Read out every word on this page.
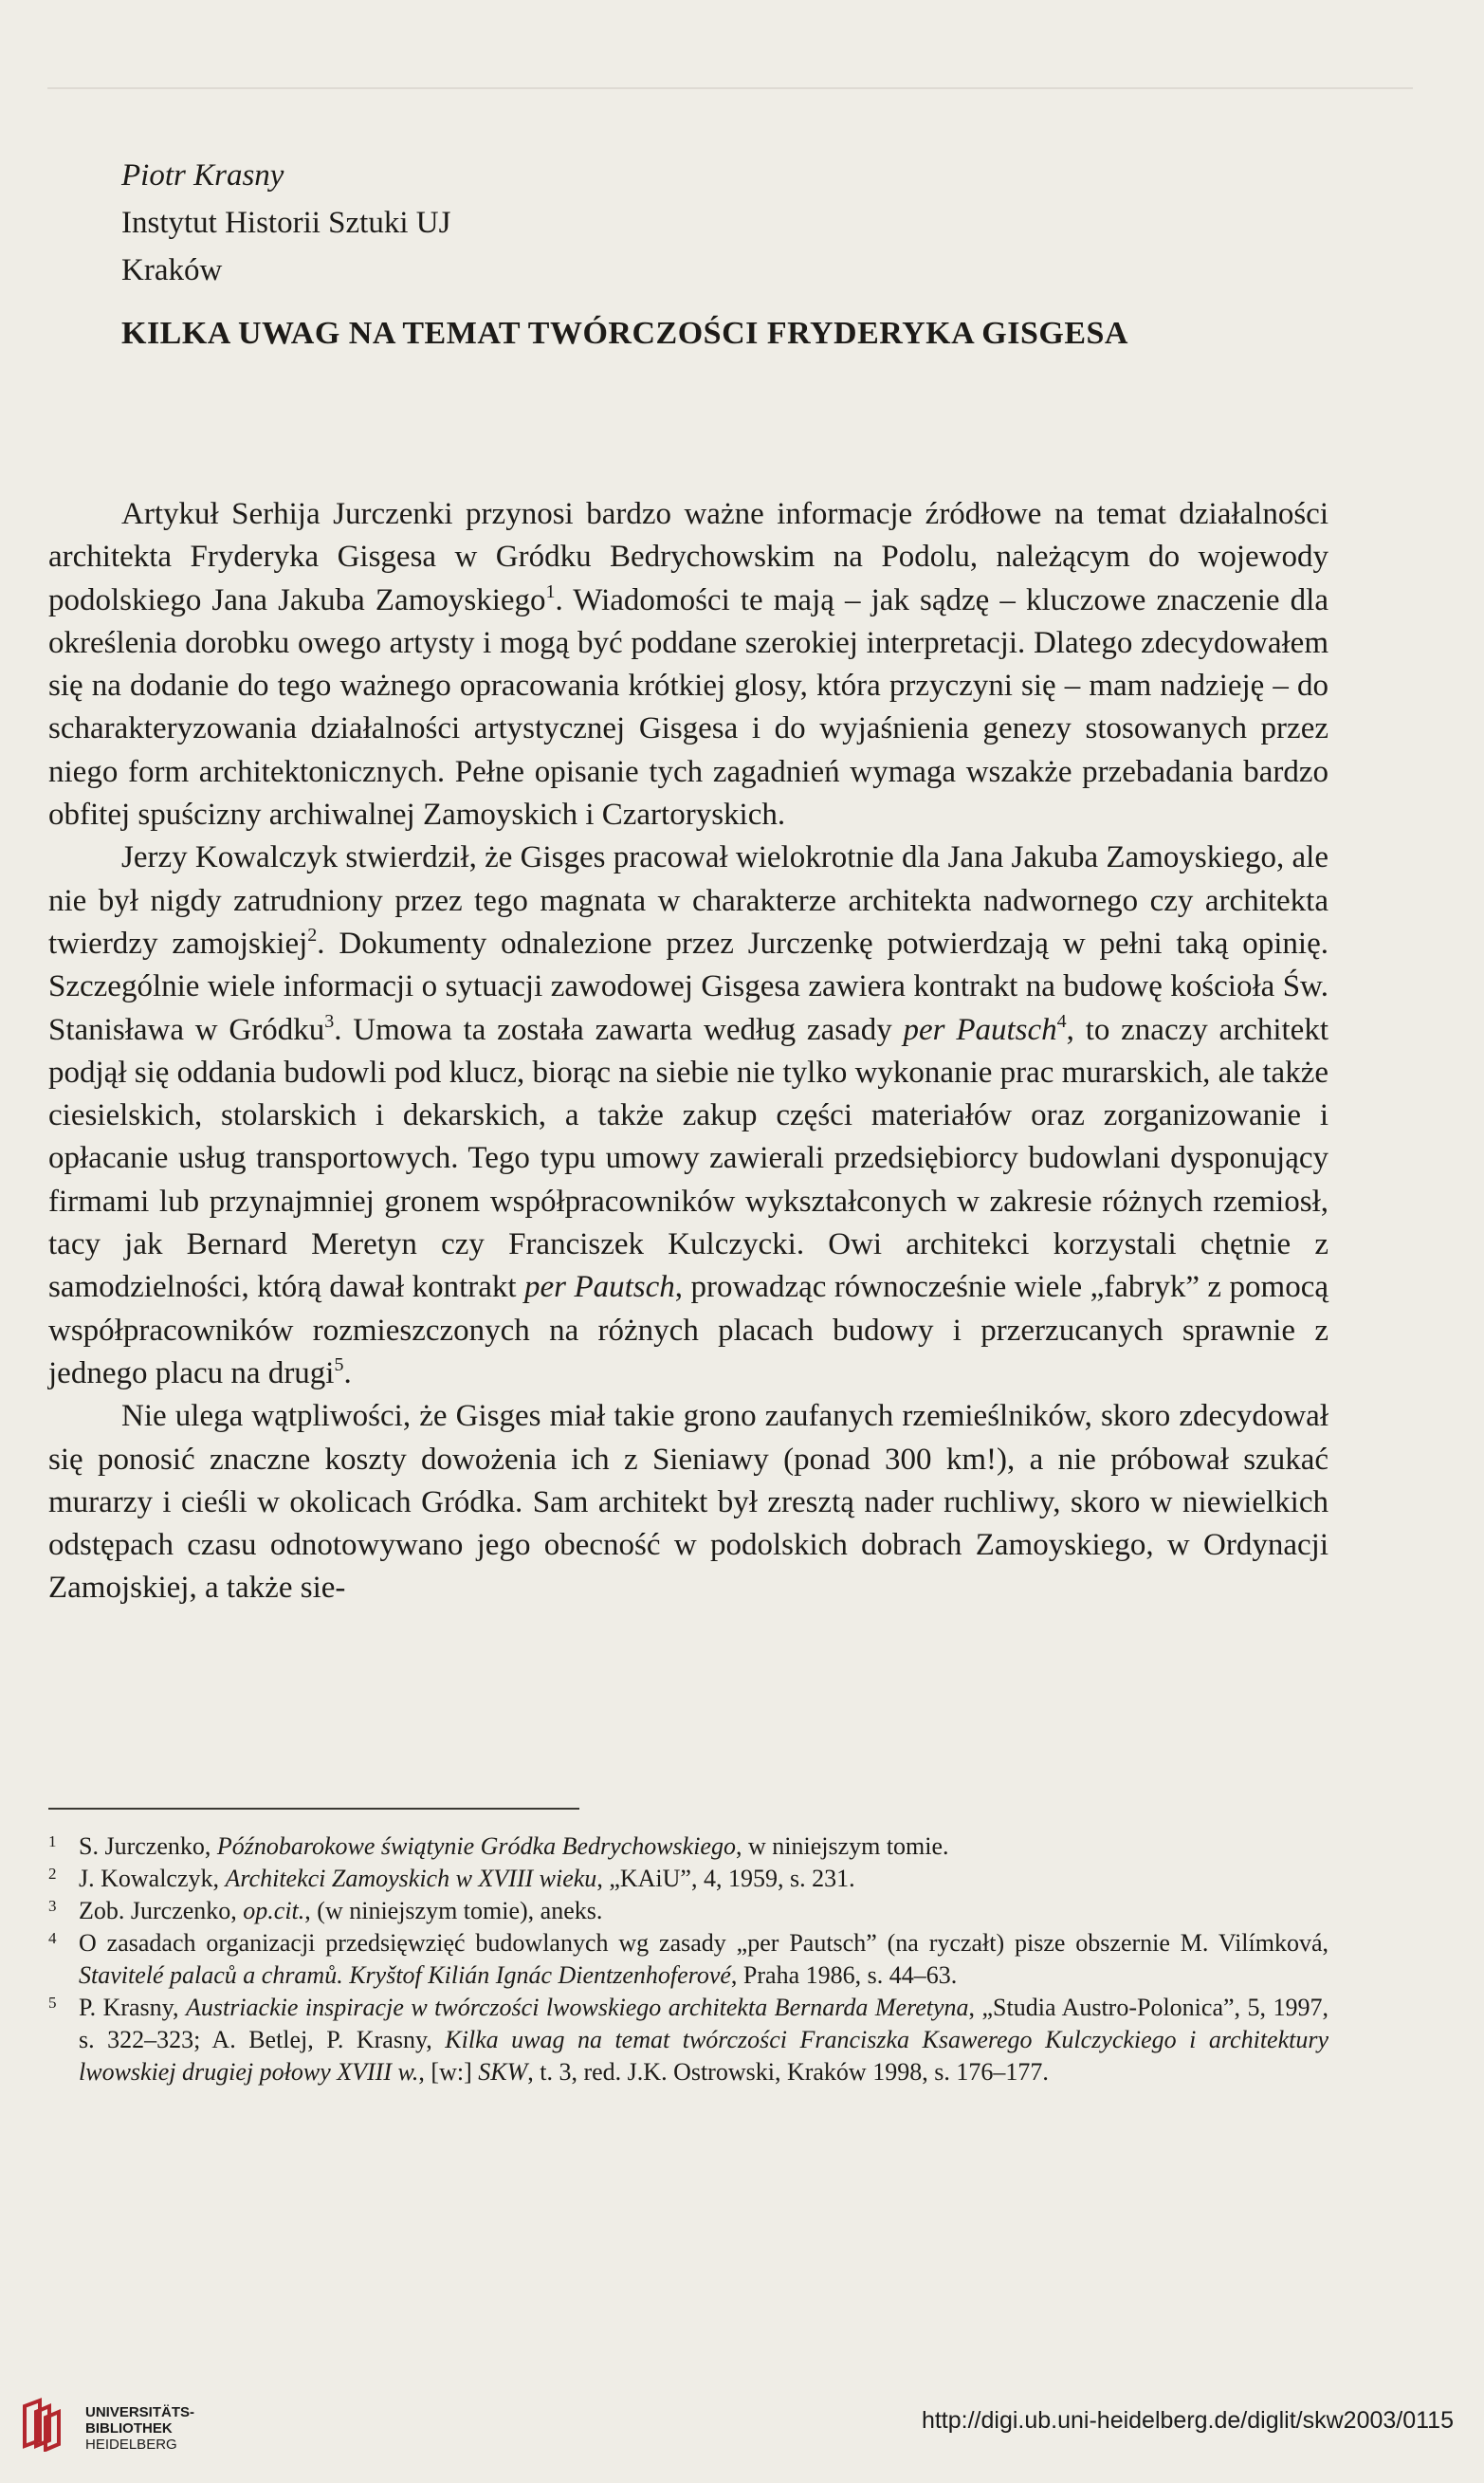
Piotr Krasny
Instytut Historii Sztuki UJ
Kraków
KILKA UWAG NA TEMAT TWÓRCZOŚCI FRYDERYKA GISGESA

Artykuł Serhija Jurczenki przynosi bardzo ważne informacje źródłowe na temat działalności architekta Fryderyka Gisgesa w Gródku Bedrychowskim na Podolu, należącym do wojewody podolskiego Jana Jakuba Zamoyskiego$^1$. Wiadomości te mają – jak sądzę – kluczowe znaczenie dla określenia dorobku owego artysty i mogą być poddane szerokiej interpretacji. Dlatego zdecydowałem się na dodanie do tego ważnego opracowania krótkiej glosy, która przyczyni się – mam nadzieję – do scharakteryzowania działalności artystycznej Gisgesa i do wyjaśnienia genezy stosowanych przez niego form architektonicznych. Pełne opisanie tych zagadnień wymaga wszakże przebadania bardzo obfitej spuścizny archiwalnej Zamoyskich i Czartoryskich.

Jerzy Kowalczyk stwierdził, że Gisges pracował wielokrotnie dla Jana Jakuba Zamoyskiego, ale nie był nigdy zatrudniony przez tego magnata w charakterze architekta nadwornego czy architekta twierdzy zamojskiej$^2$. Dokumenty odnalezione przez Jurczenkę potwierdzają w pełni taką opinię. Szczególnie wiele informacji o sytuacji zawodowej Gisgesa zawiera kontrakt na budowę kościoła Św. Stanisława w Gródku$^3$. Umowa ta została zawarta według zasady per Pautsch$^4$, to znaczy architekt podjął się oddania budowli pod klucz, biorąc na siebie nie tylko wykonanie prac murarskich, ale także ciesielskich, stolarskich i dekarskich, a także zakup części materiałów oraz zorganizowanie i opłacanie usług transportowych. Tego typu umowy zawierali przedsiębiorcy budowlani dysponujący firmami lub przynajmniej gronem współpracowników wykształconych w zakresie różnych rzemiosł, tacy jak Bernard Meretyn czy Franciszek Kulczycki. Owi architekci korzystali chętnie z samodzielności, którą dawał kontrakt per Pautsch, prowadząc równocześnie wiele „fabryk” z pomocą współpracowników rozmieszczonych na różnych placach budowy i przerzucanych sprawnie z jednego placu na drugi$^5$.

Nie ulega wątpliwości, że Gisges miał takie grono zaufanych rzemieślników, skoro zdecydował się ponosić znaczne koszty dowożenia ich z Sieniawy (ponad 300 km!), a nie próbował szukać murarzy i cieśli w okolicach Gródka. Sam architekt był zresztą nader ruchliwy, skoro w niewielkich odstępach czasu odnotowywano jego obecność w podolskich dobrach Zamoyskiego, w Ordynacji Zamojskiej, a także sie-

1 S. Jurczenko, Późnobarokowe świątynie Gródka Bedrychowskiego, w niniejszym tomie.
2 J. Kowalczyk, Architekci Zamoyskich w XVIII wieku, „KAiU”, 4, 1959, s. 231.
3 Zob. Jurczenko, op.cit., (w niniejszym tomie), aneks.
4 O zasadach organizacji przedsięwzięć budowlanych wg zasady „per Pautsch” (na ryczałt) pisze obszernie M. Vilímková, Stavitelé palaců a chramů. Kryštof Kilián Ignác Dientzenhoferové, Praha 1986, s. 44–63.
5 P. Krasny, Austriackie inspiracje w twórczości lwowskiego architekta Bernarda Meretyna, „Studia Austro-Polonica”, 5, 1997, s. 322–323; A. Betlej, P. Krasny, Kilka uwag na temat twórczości Franciszka Ksawerego Kulczyckiego i architektury lwowskiej drugiej połowy XVIII w., [w:] SKW, t. 3, red. J.K. Ostrowski, Kraków 1998, s. 176–177.
UNIVERSITÄTS-
BIBLIOTHEK
HEIDELBERG
http://digi.ub.uni-heidelberg.de/diglit/skw2003/0115
